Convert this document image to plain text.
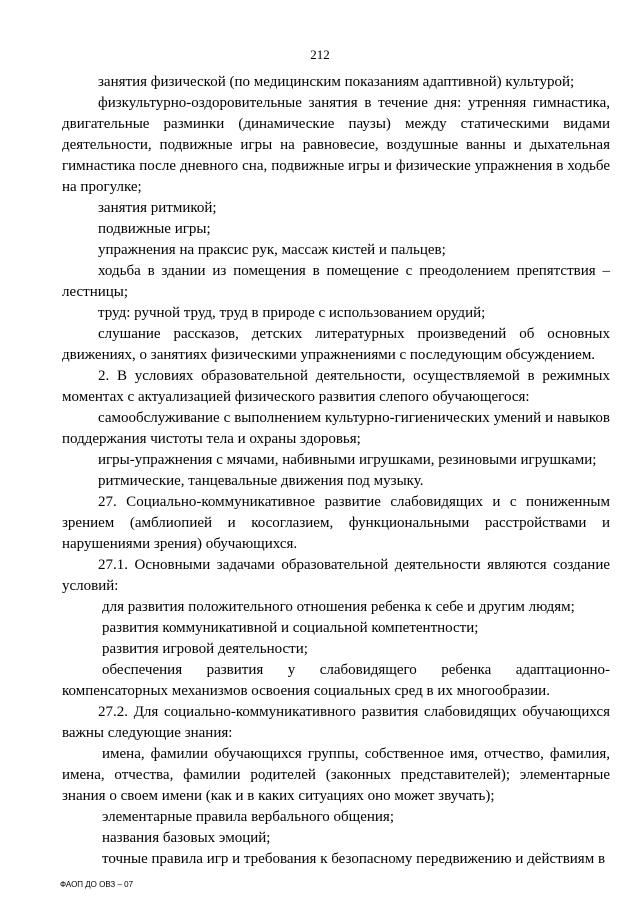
212

занятия физической (по медицинским показаниям адаптивной) культурой;

физкультурно-оздоровительные занятия в течение дня: утренняя гимнастика, двигательные разминки (динамические паузы) между статическими видами деятельности, подвижные игры на равновесие, воздушные ванны и дыхательная гимнастика после дневного сна, подвижные игры и физические упражнения в ходьбе на прогулке;

занятия ритмикой;

подвижные игры;

упражнения на праксис рук, массаж кистей и пальцев;

ходьба в здании из помещения в помещение с преодолением препятствия – лестницы;

труд: ручной труд, труд в природе с использованием орудий;

слушание рассказов, детских литературных произведений об основных движениях, о занятиях физическими упражнениями с последующим обсуждением.

2. В условиях образовательной деятельности, осуществляемой в режимных моментах с актуализацией физического развития слепого обучающегося:

самообслуживание с выполнением культурно-гигиенических умений и навыков поддержания чистоты тела и охраны здоровья;

игры-упражнения с мячами, набивными игрушками, резиновыми игрушками;

ритмические, танцевальные движения под музыку.

27. Социально-коммуникативное развитие слабовидящих и с пониженным зрением (амблиопией и косоглазием, функциональными расстройствами и нарушениями зрения) обучающихся.

27.1. Основными задачами образовательной деятельности являются создание условий:

для развития положительного отношения ребенка к себе и другим людям;

развития коммуникативной и социальной компетентности;

развития игровой деятельности;

обеспечения развития у слабовидящего ребенка адаптационно-компенсаторных механизмов освоения социальных сред в их многообразии.

27.2. Для социально-коммуникативного развития слабовидящих обучающихся важны следующие знания:

имена, фамилии обучающихся группы, собственное имя, отчество, фамилия, имена, отчества, фамилии родителей (законных представителей); элементарные знания о своем имени (как и в каких ситуациях оно может звучать);

элементарные правила вербального общения;

названия базовых эмоций;

точные правила игр и требования к безопасному передвижению и действиям в

ФАОП ДО ОВЗ – 07
